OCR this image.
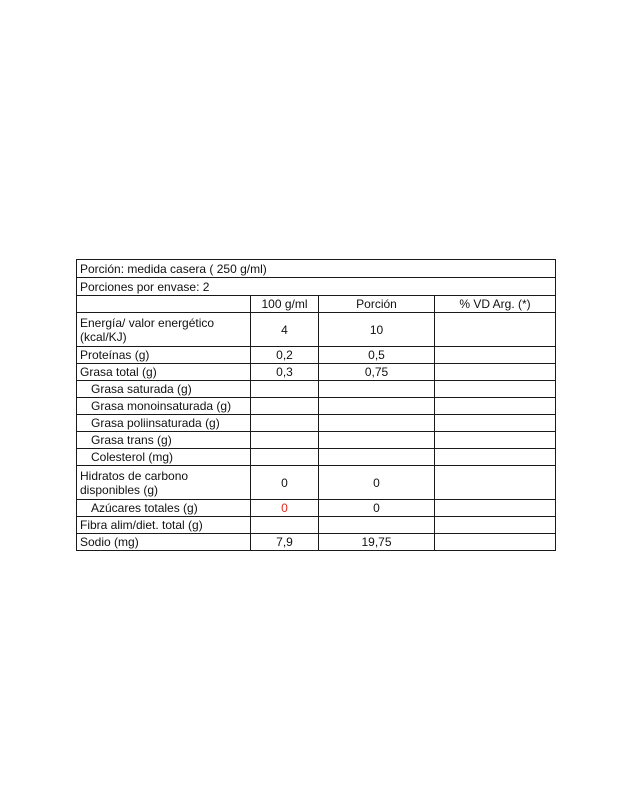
Porción: medida casera ( 250 g/ml)			
Porciones por envase: 2			
	100 g/ml	Porción	% VD Arg. (*)
Energía/ valor energético (kcal/KJ)	4	10	
Proteínas (g)	0,2	0,5	
Grasa total (g)	0,3	0,75	
Grasa saturada (g)			
Grasa monoinsaturada (g)			
Grasa poliinsaturada (g)			
Grasa trans (g)			
Colesterol (mg)			
Hidratos de carbono disponibles (g)	0	0	
Azúcares totales (g)	0	0	
Fibra alim/diet. total (g)			
Sodio (mg)	7,9	19,75	
